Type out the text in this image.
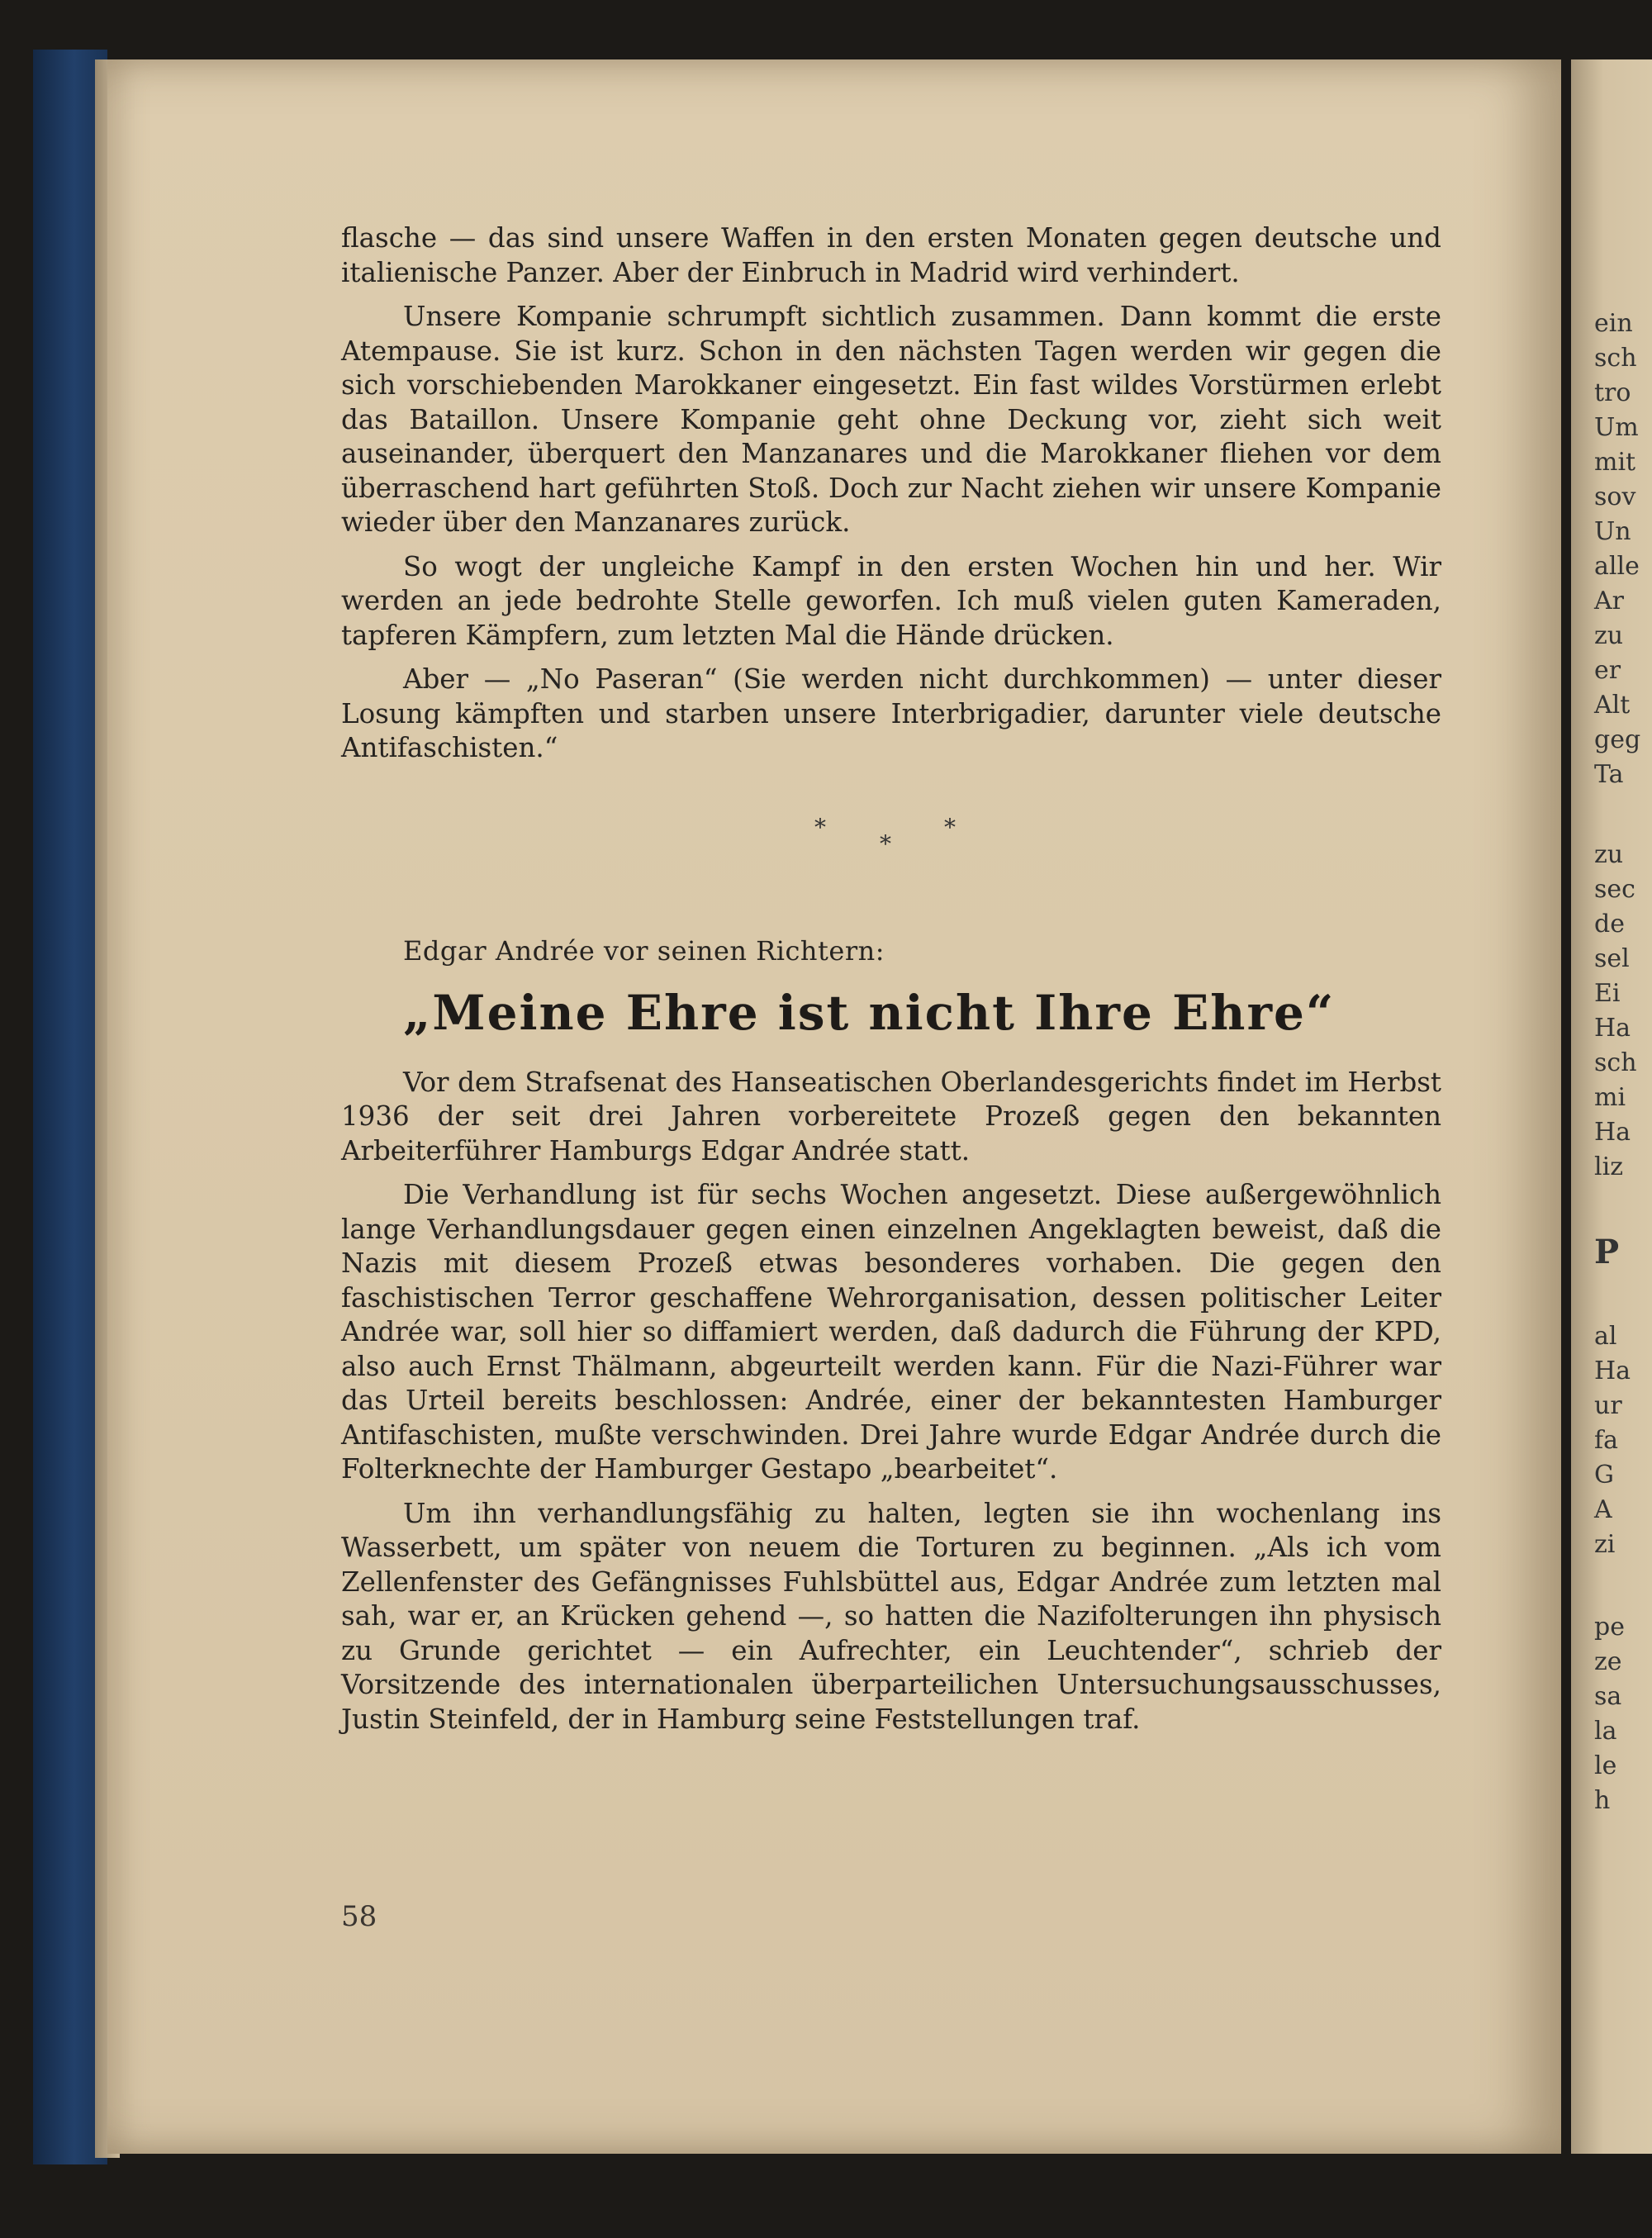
ein
sch
tro
Um
mit
sov
Un
alle
Ar
zu
er
Alt
geg
Ta
zu
sec
de
sel
Ei
Ha
sch
mi
Ha
liz
P
al
Ha
ur
fa
G
A
zi
pe
ze
sa
la
le
h

flasche — das sind unsere Waffen in den ersten Monaten gegen deutsche und italienische Panzer. Aber der Einbruch in Madrid wird verhindert.

Unsere Kompanie schrumpft sichtlich zusammen. Dann kommt die erste Atempause. Sie ist kurz. Schon in den nächsten Tagen werden wir gegen die sich vorschiebenden Marokkaner eingesetzt. Ein fast wildes Vorstürmen erlebt das Bataillon. Unsere Kompanie geht ohne Deckung vor, zieht sich weit auseinander, überquert den Manzanares und die Marokkaner fliehen vor dem überraschend hart geführten Stoß. Doch zur Nacht ziehen wir unsere Kompanie wieder über den Manzanares zurück.

So wogt der ungleiche Kampf in den ersten Wochen hin und her. Wir werden an jede bedrohte Stelle geworfen. Ich muß vielen guten Kameraden, tapferen Kämpfern, zum letzten Mal die Hände drücken.

Aber — „No Paseran“ (Sie werden nicht durchkommen) — unter dieser Losung kämpften und starben unsere Interbrigadier, darunter viele deutsche Antifaschisten.“

*	*
*
Edgar Andrée vor seinen Richtern:
„Meine Ehre ist nicht Ihre Ehre“

Vor dem Strafsenat des Hanseatischen Oberlandesgerichts findet im Herbst 1936 der seit drei Jahren vorbereitete Prozeß gegen den bekannten Arbeiterführer Hamburgs Edgar Andrée statt.

Die Verhandlung ist für sechs Wochen angesetzt. Diese außergewöhnlich lange Verhandlungsdauer gegen einen einzelnen Angeklagten beweist, daß die Nazis mit diesem Prozeß etwas besonderes vorhaben. Die gegen den faschistischen Terror geschaffene Wehrorganisation, dessen politischer Leiter Andrée war, soll hier so diffamiert werden, daß dadurch die Führung der KPD, also auch Ernst Thälmann, abgeurteilt werden kann. Für die Nazi-Führer war das Urteil bereits beschlossen: Andrée, einer der bekanntesten Hamburger Antifaschisten, mußte verschwinden. Drei Jahre wurde Edgar Andrée durch die Folterknechte der Hamburger Gestapo „bearbeitet“.

Um ihn verhandlungsfähig zu halten, legten sie ihn wochenlang ins Wasserbett, um später von neuem die Torturen zu beginnen. „Als ich vom Zellenfenster des Gefängnisses Fuhlsbüttel aus, Edgar Andrée zum letzten mal sah, war er, an Krücken gehend —, so hatten die Nazifolterungen ihn physisch zu Grunde gerichtet — ein Aufrechter, ein Leuchtender“, schrieb der Vorsitzende des internationalen überparteilichen Untersuchungsausschusses, Justin Steinfeld, der in Hamburg seine Feststellungen traf.

58
